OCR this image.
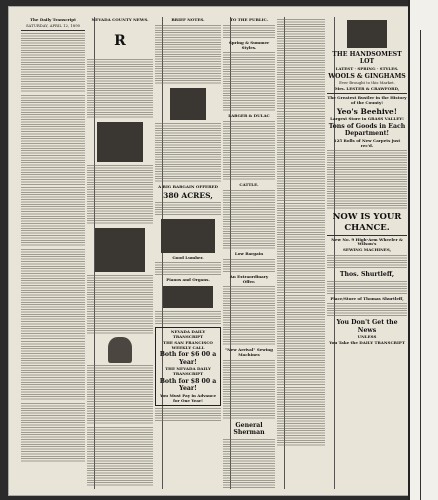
The Daily Transcript
SATURDAY, APRIL 12, 1890
NEVADA COUNTY NEWS.
R
BRIEF NOTES.
A BIG BARGAIN OFFERED
380 ACRES,
Good Lumber.
Pianos and Organs.
NEVADA DAILY TRANSCRIPT
THE SAN FRANCISCO WEEKLY CALL
Both for $6 00 a Year!
THE NEVADA DAILY TRANSCRIPT
Both for $8 00 a Year!
You Must Pay in Advance for One Year!
TO THE PUBLIC.
Spring & Summer Styles.
LARGER & DULAC
CATTLE.
Low Bargain
An Extraordinary Offer.
"New Arrival" Sewing Machines
General Sherman
THE HANDSOMEST LOT
LATEST · SPRING · STYLES.
WOOLS & GINGHAMS
Ever Brought to this Market.
Mrs. LESTER & CRAWFORD,
The Greatest Rustler in the History of the County!
Yeo's Beehive!
Largest Store in GRASS VALLEY!
Tons of Goods in Each Department!
125 Rolls of New Carpets just rec'd.
NOW IS YOUR CHANCE.
New No. 9 High-Arm Wheeler & Wilson's
SEWING MACHINES,
Thos. Shurtleff,
Place/Store of Thomas Shurtleff,
You Don't Get the News
UNLESS
You Take the DAILY TRANSCRIPT
